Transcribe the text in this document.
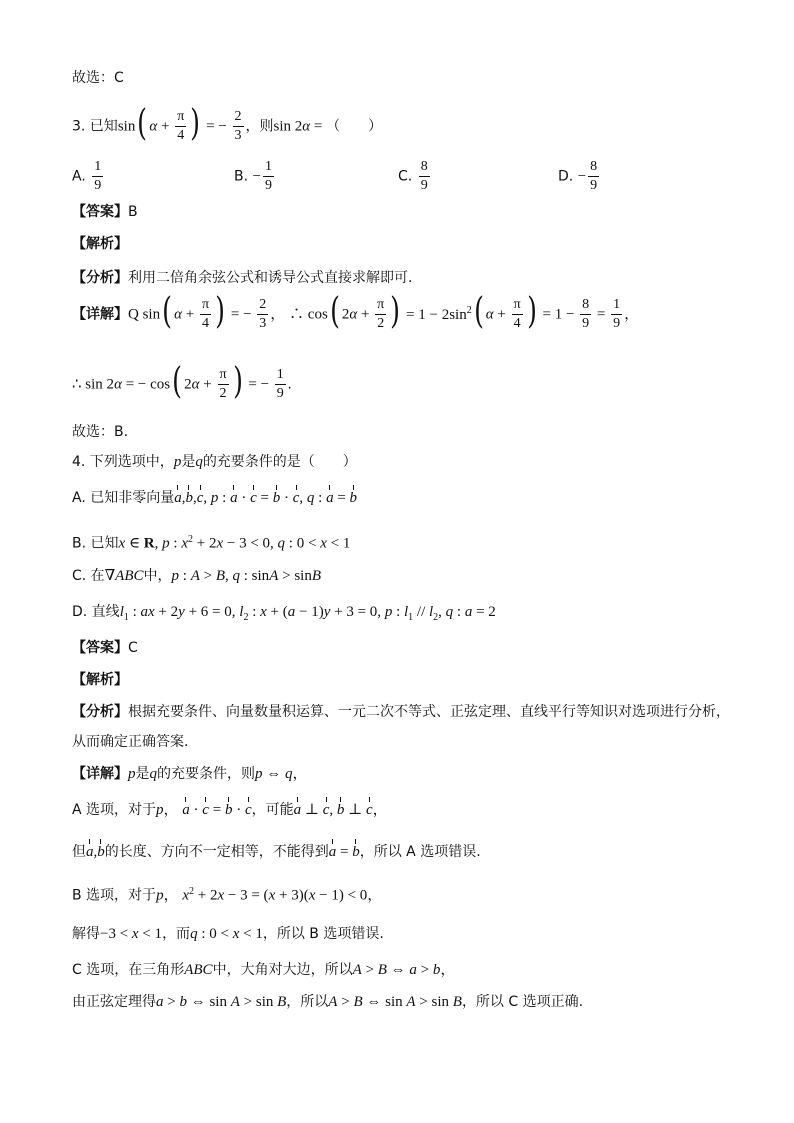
故选：C
3. 已知sin( $\alpha + \frac{\pi}{4}$ ) = − $\frac{2}{3}$ ，则sin 2α = （　　）
A. $\frac{1}{9}$	B. − $\frac{1}{9}$	C. $\frac{8}{9}$	D. − $\frac{8}{9}$
【答案】B
【解析】
【分析】利用二倍角余弦公式和诱导公式直接求解即可.
【详解】Q sin( $\alpha + \frac{\pi}{4}$ ) = − $\frac{2}{3}$ ， ∴ cos( $2\alpha + \frac{\pi}{2}$ ) = $1 - 2\sin^2$( $\alpha + \frac{\pi}{4}$ ) = $1 - \frac{8}{9} = \frac{1}{9}$ ，
∴ sin 2α = − cos( $2\alpha + \frac{\pi}{2}$ ) = − $\frac{1}{9}$ .
故选：B.
4. 下列选项中，p是q的充要条件的是（　　）
A. 已知非零向量a,b,c, p : a · c = b · c, q : a = b
B. 已知x ∈ R, p : $x^2 + 2x - 3 < 0$, q : 0 < x < 1
C. 在∇ABC中，p : A > B, q : sinA > sinB
D. 直线$l_1$ : ax + 2y + 6 = 0, $l_2$ : x + (a − 1)y + 3 = 0, p : $l_1 // l_2$, q : a = 2
【答案】C
【解析】
【分析】根据充要条件、向量数量积运算、一元二次不等式、正弦定理、直线平行等知识对选项进行分析，
从而确定正确答案.
【详解】p是q的充要条件，则p ⇔ q，
A 选项，对于p， a · c = b · c，可能a ⊥ c, b ⊥ c，
但a,b的长度、方向不一定相等，不能得到a = b，所以 A 选项错误.
B 选项，对于p， $x^2 + 2x - 3 = (x + 3)(x - 1) < 0$，
解得−3 < x < 1，而q : 0 < x < 1，所以 B 选项错误.
C 选项，在三角形ABC中，大角对大边，所以A > B ⇔ a > b，
由正弦定理得a > b ⇔ sin A > sin B，所以A > B ⇔ sin A > sin B，所以 C 选项正确.
